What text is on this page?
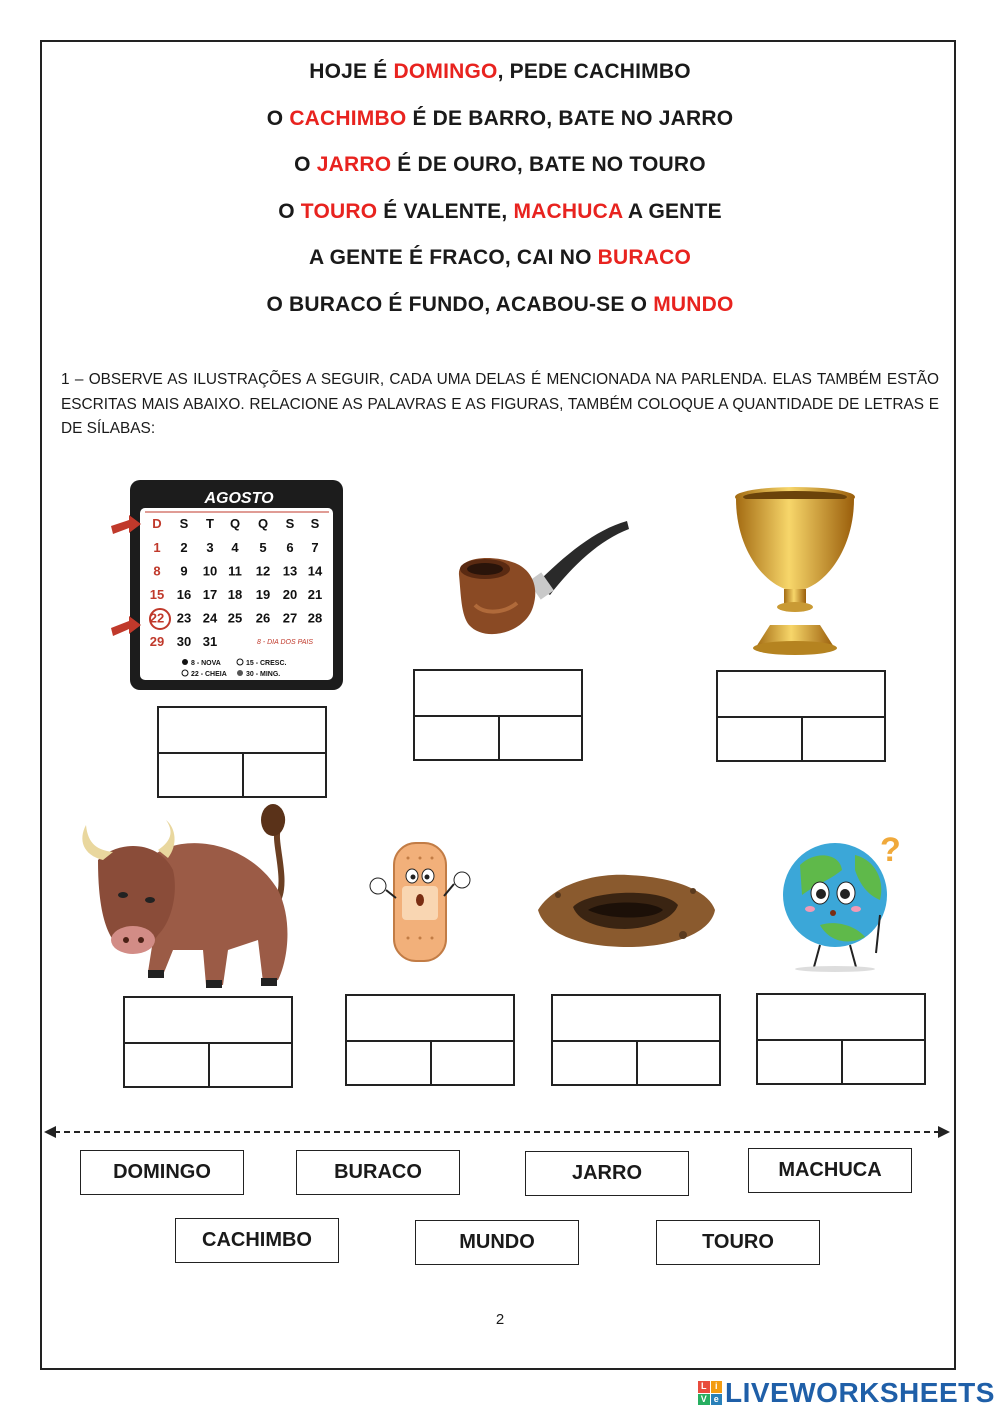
HOJE É DOMINGO, PEDE CACHIMBO
O CACHIMBO É DE BARRO, BATE NO JARRO
O JARRO É DE OURO, BATE NO TOURO
O TOURO É VALENTE, MACHUCA A GENTE
A GENTE É FRACO, CAI NO BURACO
O BURACO É FUNDO, ACABOU-SE O MUNDO
1 – OBSERVE AS ILUSTRAÇÕES A SEGUIR, CADA UMA DELAS É MENCIONADA NA PARLENDA. ELAS TAMBÉM ESTÃO ESCRITAS MAIS ABAIXO. RELACIONE AS PALAVRAS E AS FIGURAS, TAMBÉM COLOQUE A QUANTIDADE DE LETRAS E DE SÍLABAS:
AGOSTO
D S T Q Q S S
1 2 3 4 5 6 7
8 9 10 11 12 13 14
15 16 17 18 19 20 21
22 23 24 25 26 27 28
29 30 31	8 - DIA DOS PAIS
8 - NOVA	15 - CRESC.
22 - CHEIA	30 - MING.
?
DOMINGO	BURACO	JARRO	MACHUCA
CACHIMBO	MUNDO	TOURO
2
L i
V e LIVEWORKSHEETS
